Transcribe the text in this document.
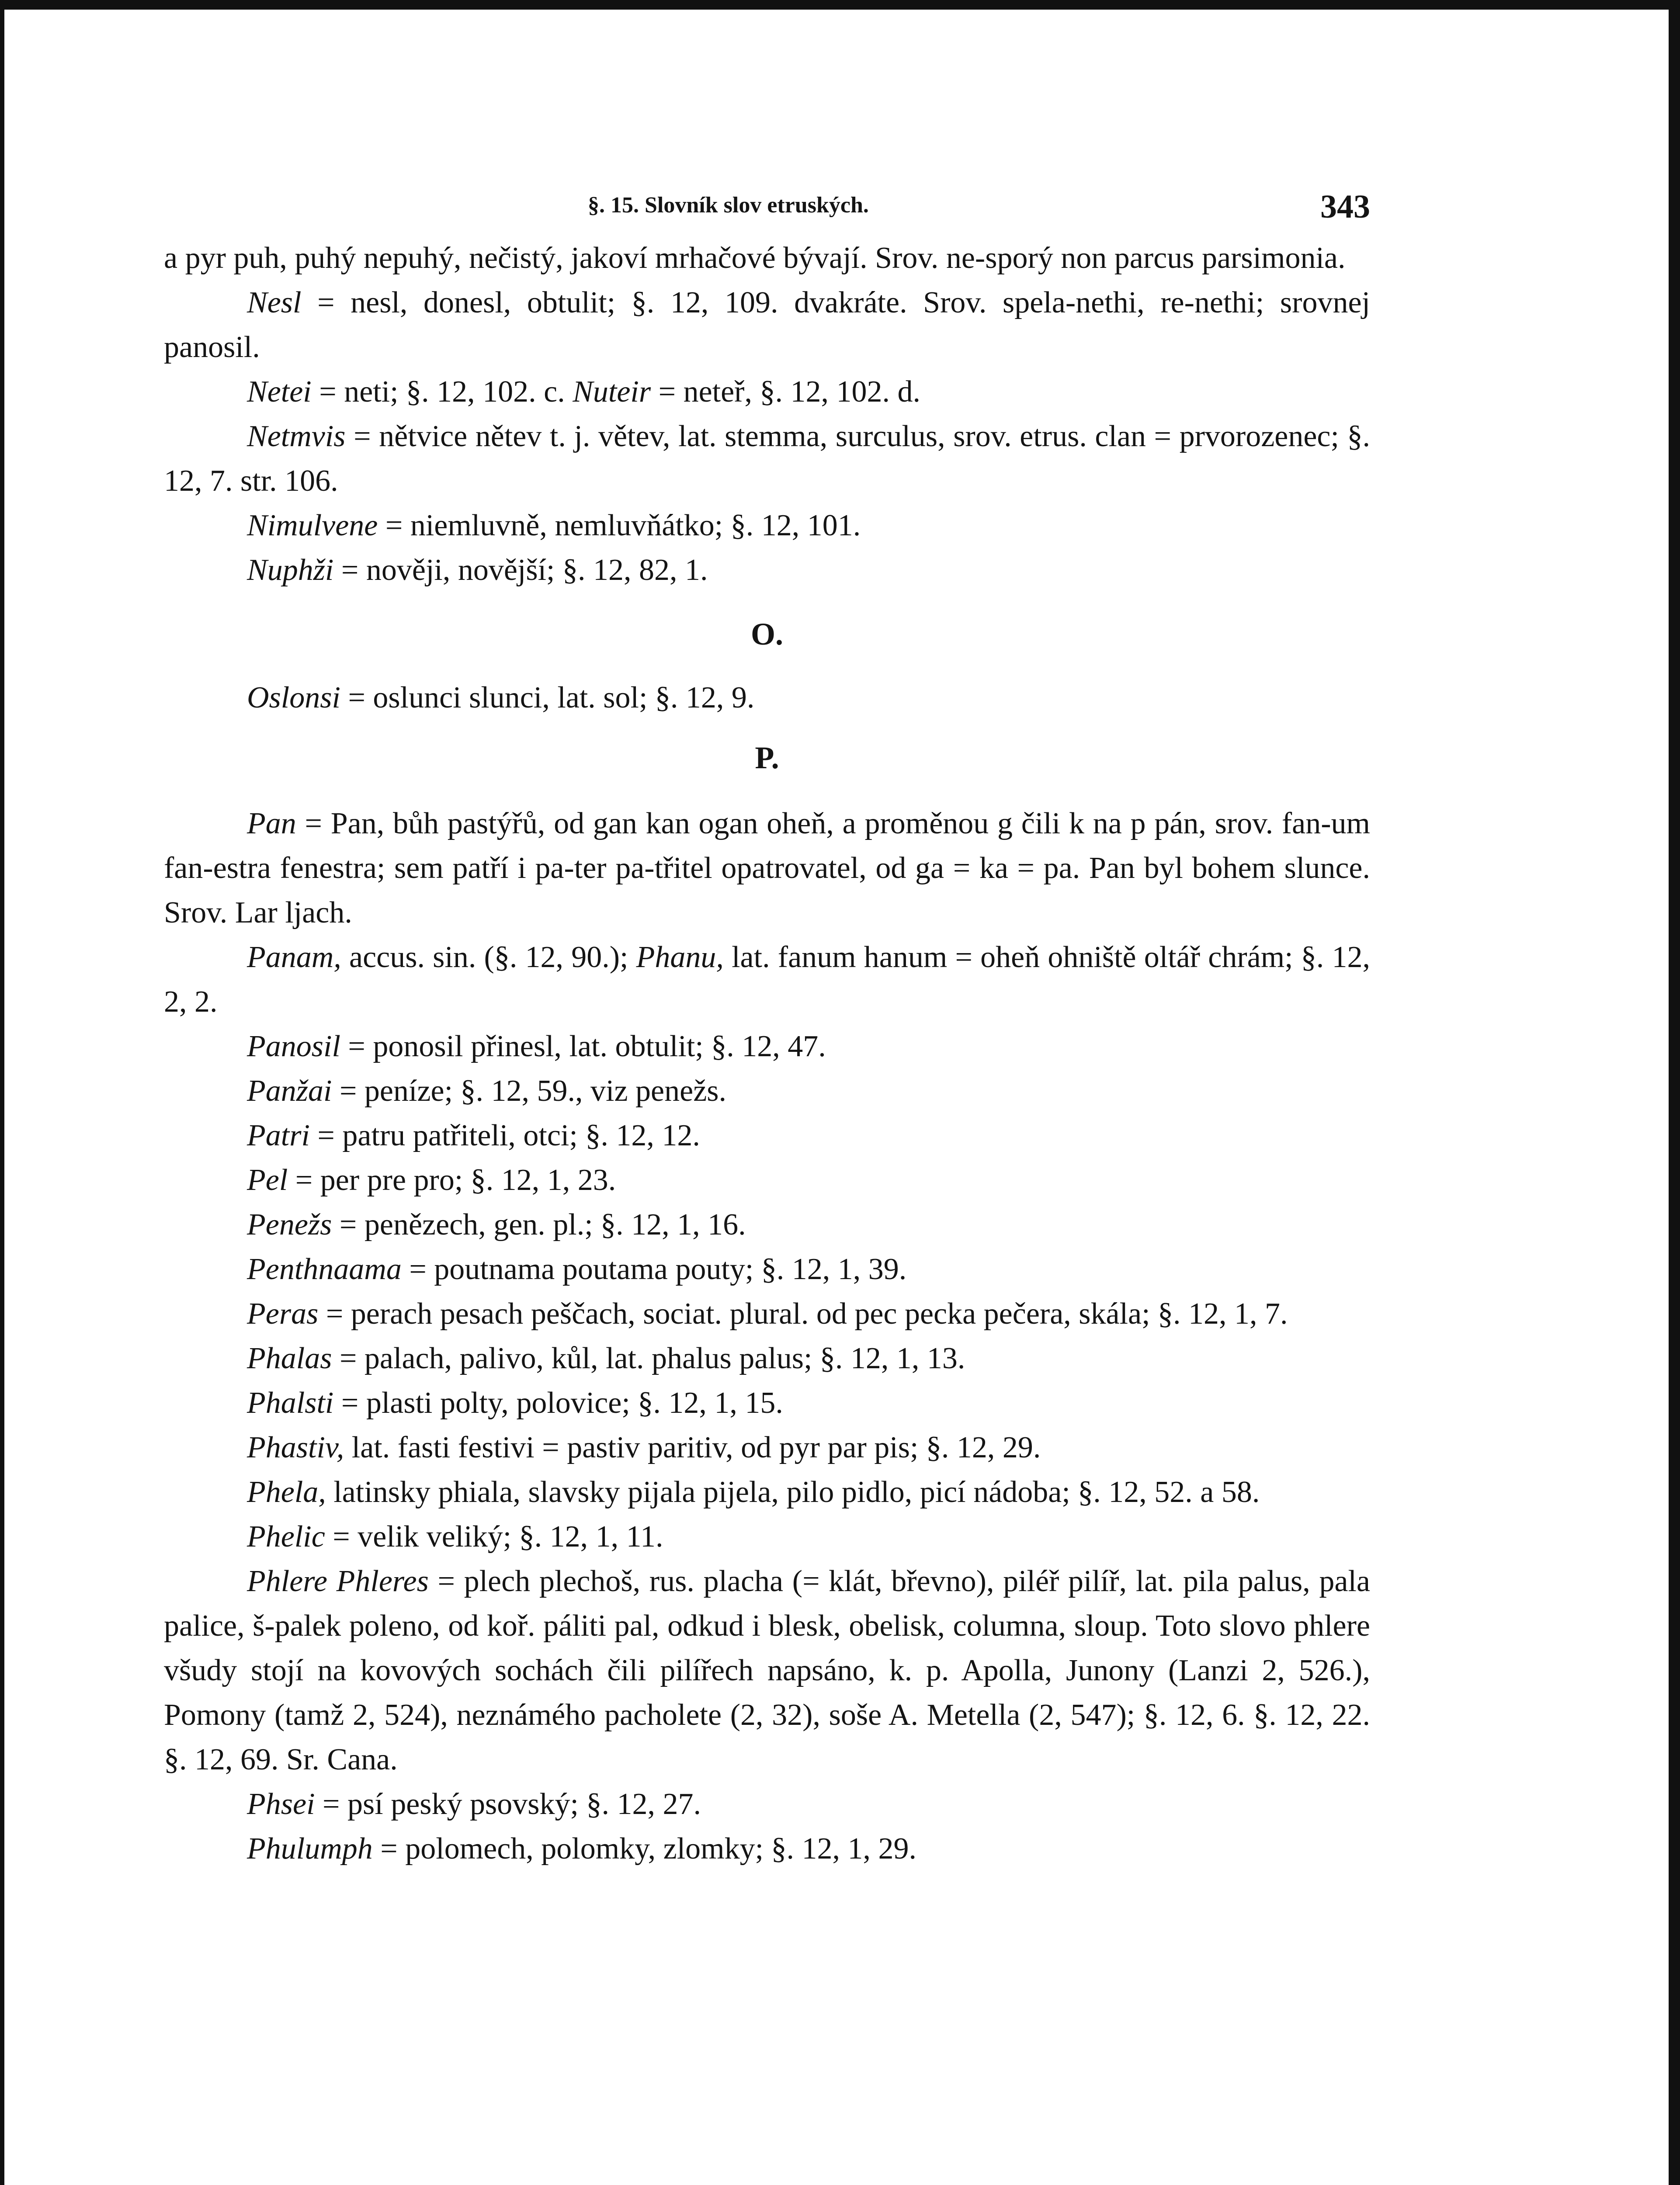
§. 15. Slovník slov etruských.	343

a pyr puh, puhý nepuhý, nečistý, jakoví mrhačové bývají. Srov. ne-sporý non parcus parsimonia.

Nesl = nesl, donesl, obtulit; §. 12, 109. dvakráte. Srov. spela-nethi, re-nethi; srovnej panosil.

Netei = neti; §. 12, 102. c. Nuteir = neteř, §. 12, 102. d.

Netmvis = nětvice nětev t. j. větev, lat. stemma, surculus, srov. etrus. clan = prvorozenec; §. 12, 7. str. 106.

Nimulvene = niemluvně, nemluvňátko; §. 12, 101.

Nuphži = nověji, novější; §. 12, 82, 1.

O.

Oslonsi = oslunci slunci, lat. sol; §. 12, 9.

P.

Pan = Pan, bůh pastýřů, od gan kan ogan oheň, a proměnou g čili k na p pán, srov. fan-um fan-estra fenestra; sem patří i pa-ter pa-třitel opatrovatel, od ga = ka = pa. Pan byl bohem slunce. Srov. Lar ljach.

Panam, accus. sin. (§. 12, 90.); Phanu, lat. fanum hanum = oheň ohniště oltář chrám; §. 12, 2, 2.

Panosil = ponosil přinesl, lat. obtulit; §. 12, 47.

Panžai = peníze; §. 12, 59., viz penežs.

Patri = patru patřiteli, otci; §. 12, 12.

Pel = per pre pro; §. 12, 1, 23.

Penežs = penězech, gen. pl.; §. 12, 1, 16.

Penthnaama = poutnama poutama pouty; §. 12, 1, 39.

Peras = perach pesach peščach, sociat. plural. od pec pecka pečera, skála; §. 12, 1, 7.

Phalas = palach, palivo, kůl, lat. phalus palus; §. 12, 1, 13.

Phalsti = plasti polty, polovice; §. 12, 1, 15.

Phastiv, lat. fasti festivi = pastiv paritiv, od pyr par pis; §. 12, 29.

Phela, latinsky phiala, slavsky pijala pijela, pilo pidlo, picí nádoba; §. 12, 52. a 58.

Phelic = velik veliký; §. 12, 1, 11.

Phlere Phleres = plech plechoš, rus. placha (= klát, břevno), piléř pilíř, lat. pila palus, pala palice, š-palek poleno, od koř. páliti pal, odkud i blesk, obelisk, columna, sloup. Toto slovo phlere všudy stojí na kovových sochách čili pilířech napsáno, k. p. Apolla, Junony (Lanzi 2, 526.), Pomony (tamž 2, 524), neznámého pacholete (2, 32), soše A. Metella (2, 547); §. 12, 6. §. 12, 22. §. 12, 69. Sr. Cana.

Phsei = psí peský psovský; §. 12, 27.

Phulumph = polomech, polomky, zlomky; §. 12, 1, 29.
